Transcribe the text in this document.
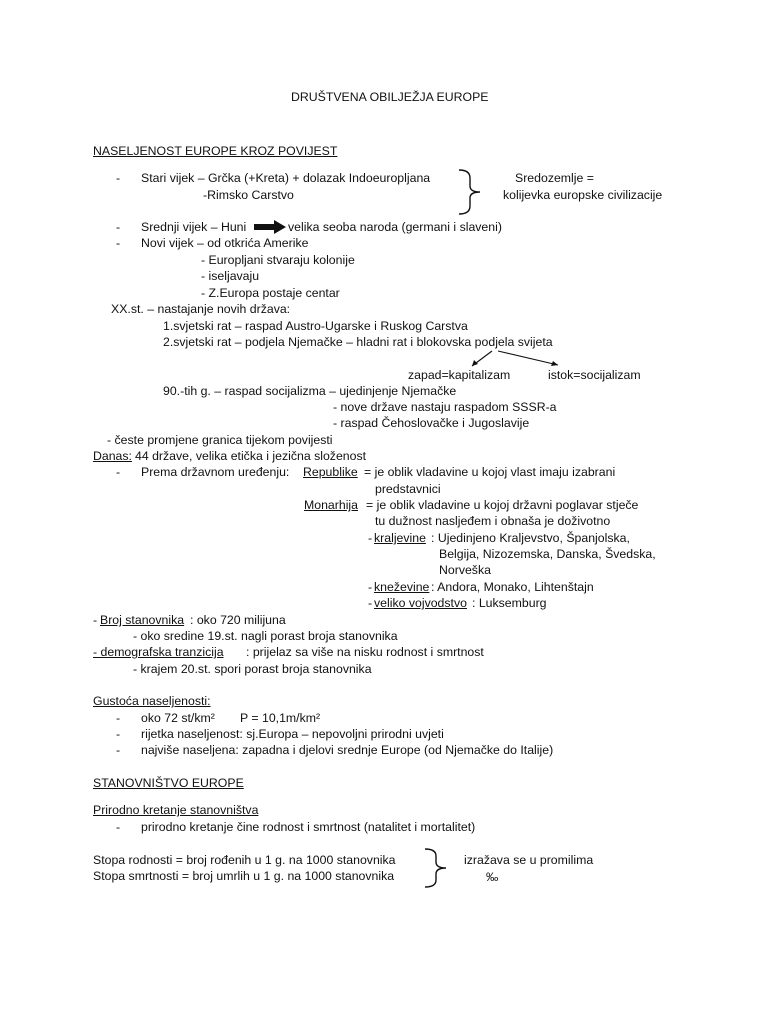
DRUŠTVENA OBILJEŽJA EUROPE
NASELJENOST EUROPE KROZ POVIJEST
- Stari vijek – Grčka (+Kreta) + dolazak Indoeuropljana
-Rimsko Carstvo
Sredozemlje =
kolijevka europske civilizacije
- Srednji vijek – Huni	velika seoba naroda (germani i slaveni)
- Novi vijek – od otkrića Amerike
- Europljani stvaraju kolonije
- iseljavaju
- Z.Europa postaje centar
XX.st. – nastajanje novih država:
1.svjetski rat – raspad Austro-Ugarske i Ruskog Carstva
2.svjetski rat – podjela Njemačke – hladni rat i blokovska podjela svijeta
zapad=kapitalizam	istok=socijalizam
90.-tih g. – raspad socijalizma – ujedinjenje Njemačke
- nove države nastaju raspadom SSSR-a
- raspad Čehoslovačke i Jugoslavije
- česte promjene granica tijekom povijesti
Danas: 44 države, velika etička i jezična složenost
- Prema državnom uređenju: Republike = je oblik vladavine u kojoj vlast imaju izabrani
predstavnici
Monarhija = je oblik vladavine u kojoj državni poglavar stječe
tu dužnost nasljeđem i obnaša je doživotno
- kraljevine : Ujedinjeno Kraljevstvo, Španjolska,
Belgija, Nizozemska, Danska, Švedska,
Norveška
- kneževine : Andora, Monako, Lihtenštajn
- veliko vojvodstvo : Luksemburg
- Broj stanovnika : oko 720 milijuna
- oko sredine 19.st. nagli porast broja stanovnika
- demografska tranzicija : prijelaz sa više na nisku rodnost i smrtnost
- krajem 20.st. spori porast broja stanovnika
Gustoća naseljenosti:
- oko 72 st/km² P = 10,1m/km²
- rijetka naseljenost: sj.Europa – nepovoljni prirodni uvjeti
- najviše naseljena: zapadna i djelovi srednje Europe (od Njemačke do Italije)
STANOVNIŠTVO EUROPE
Prirodno kretanje stanovništva
- prirodno kretanje čine rodnost i smrtnost (natalitet i mortalitet)
Stopa rodnosti = broj rođenih u 1 g. na 1000 stanovnika
Stopa smrtnosti = broj umrlih u 1 g. na 1000 stanovnika
izražava se u promilima
‰
